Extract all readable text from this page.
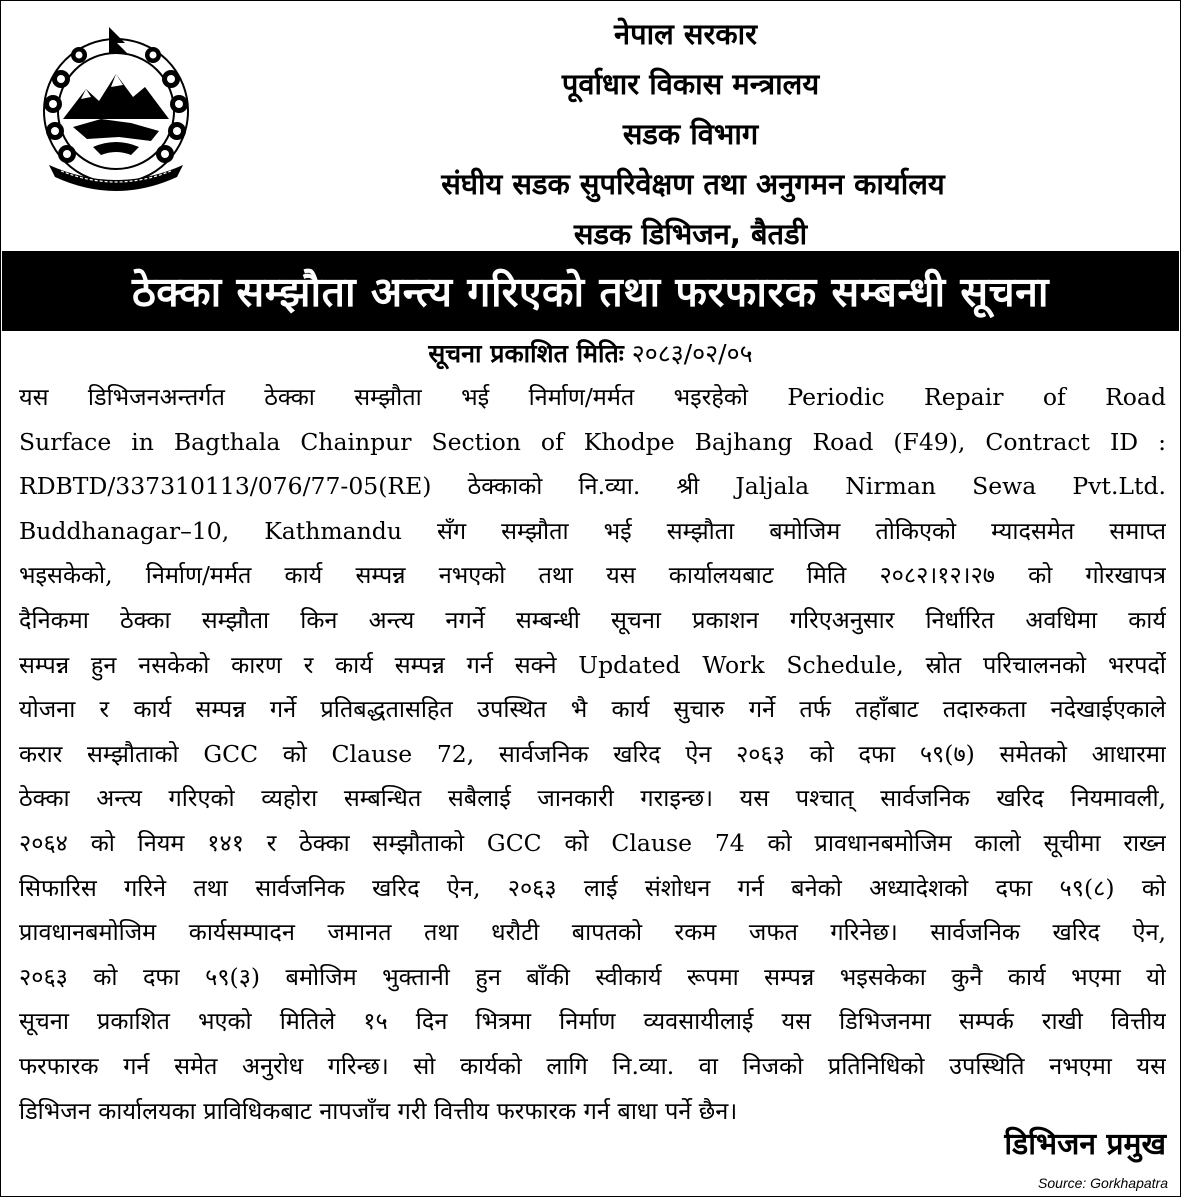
नेपाल सरकार
पूर्वाधार विकास मन्त्रालय
सडक विभाग
संघीय सडक सुपरिवेक्षण तथा अनुगमन कार्यालय
सडक डिभिजन, बैतडी
ठेक्का सम्झौता अन्त्य गरिएको तथा फरफारक सम्बन्धी सूचना
सूचना प्रकाशित मितिः २०८३/०२/०५
यस डिभिजनअन्तर्गत ठेक्का सम्झौता भई निर्माण/मर्मत भइरहेको Periodic Repair of Road
Surface in Bagthala Chainpur Section of Khodpe Bajhang Road (F49), Contract ID :
RDBTD/337310113/076/77-05(RE) ठेक्काको नि.व्या. श्री Jaljala Nirman Sewa Pvt.Ltd.
Buddhanagar–10, Kathmandu सँग सम्झौता भई सम्झौता बमोजिम तोकिएको म्यादसमेत समाप्त
भइसकेको, निर्माण/मर्मत कार्य सम्पन्न नभएको तथा यस कार्यालयबाट मिति २०८२।१२।२७ को गोरखापत्र
दैनिकमा ठेक्का सम्झौता किन अन्त्य नगर्ने सम्बन्धी सूचना प्रकाशन गरिएअनुसार निर्धारित अवधिमा कार्य
सम्पन्न हुन नसकेको कारण र कार्य सम्पन्न गर्न सक्ने Updated Work Schedule, स्रोत परिचालनको भरपर्दो
योजना र कार्य सम्पन्न गर्ने प्रतिबद्धतासहित उपस्थित भै कार्य सुचारु गर्ने तर्फ तहाँबाट तदारुकता नदेखाईएकाले
करार सम्झौताको GCC को Clause 72, सार्वजनिक खरिद ऐन २०६३ को दफा ५९(७) समेतको आधारमा
ठेक्का अन्त्य गरिएको व्यहोरा सम्बन्धित सबैलाई जानकारी गराइन्छ। यस पश्चात् सार्वजनिक खरिद नियमावली,
२०६४ को नियम १४१ र ठेक्का सम्झौताको GCC को Clause 74 को प्रावधानबमोजिम कालो सूचीमा राख्न
सिफारिस गरिने तथा सार्वजनिक खरिद ऐन, २०६३ लाई संशोधन गर्न बनेको अध्यादेशको दफा ५९(८) को
प्रावधानबमोजिम कार्यसम्पादन जमानत तथा धरौटी बापतको रकम जफत गरिनेछ। सार्वजनिक खरिद ऐन,
२०६३ को दफा ५९(३) बमोजिम भुक्तानी हुन बाँकी स्वीकार्य रूपमा सम्पन्न भइसकेका कुनै कार्य भएमा यो
सूचना प्रकाशित भएको मितिले १५ दिन भित्रमा निर्माण व्यवसायीलाई यस डिभिजनमा सम्पर्क राखी वित्तीय
फरफारक गर्न समेत अनुरोध गरिन्छ। सो कार्यको लागि नि.व्या. वा निजको प्रतिनिधिको उपस्थिति नभएमा यस
डिभिजन कार्यालयका प्राविधिकबाट नापजाँच गरी वित्तीय फरफारक गर्न बाधा पर्ने छैन।
डिभिजन प्रमुख
Source: Gorkhapatra
